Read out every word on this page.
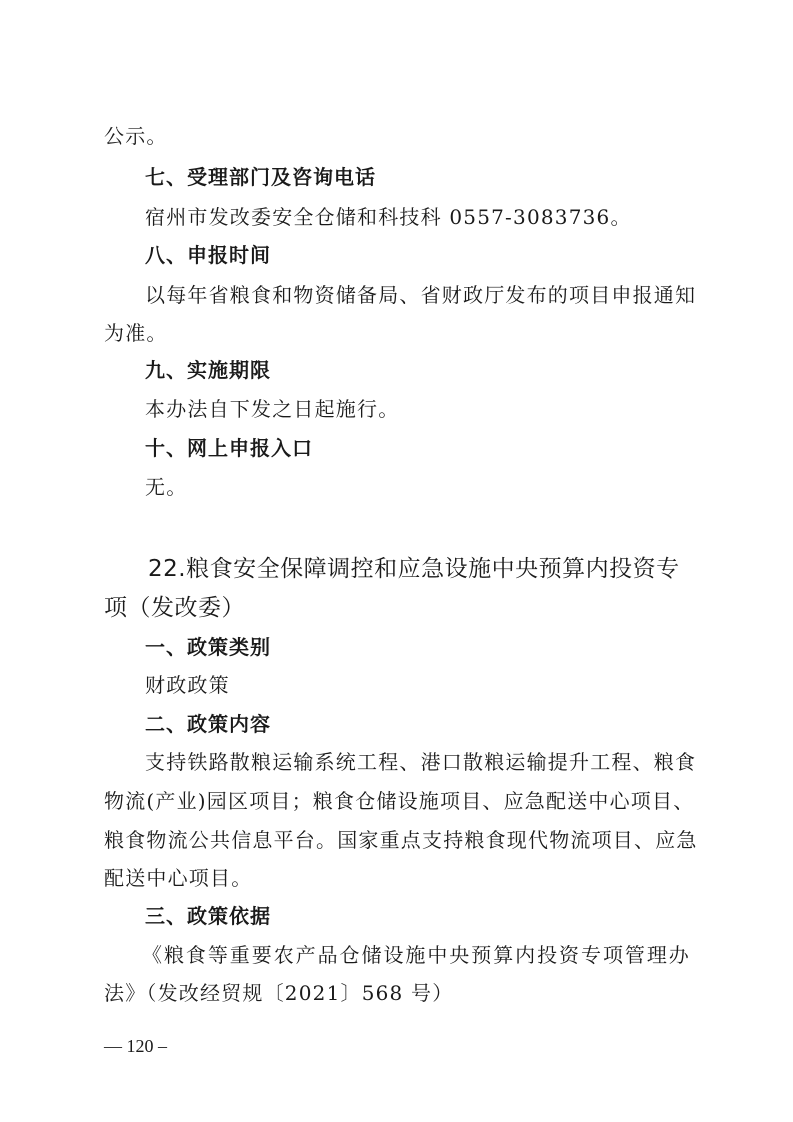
公示。
七、受理部门及咨询电话
宿州市发改委安全仓储和科技科 0557-3083736。
八、申报时间
以每年省粮食和物资储备局、省财政厅发布的项目申报通知
为准。
九、实施期限
本办法自下发之日起施行。
十、网上申报入口
无。
22.粮食安全保障调控和应急设施中央预算内投资专
项（发改委）
一、政策类别
财政政策
二、政策内容
支持铁路散粮运输系统工程、港口散粮运输提升工程、粮食
物流(产业)园区项目；粮食仓储设施项目、应急配送中心项目、
粮食物流公共信息平台。国家重点支持粮食现代物流项目、应急
配送中心项目。
三、政策依据
《粮食等重要农产品仓储设施中央预算内投资专项管理办
法》（发改经贸规〔2021〕568 号）
— 120 –
